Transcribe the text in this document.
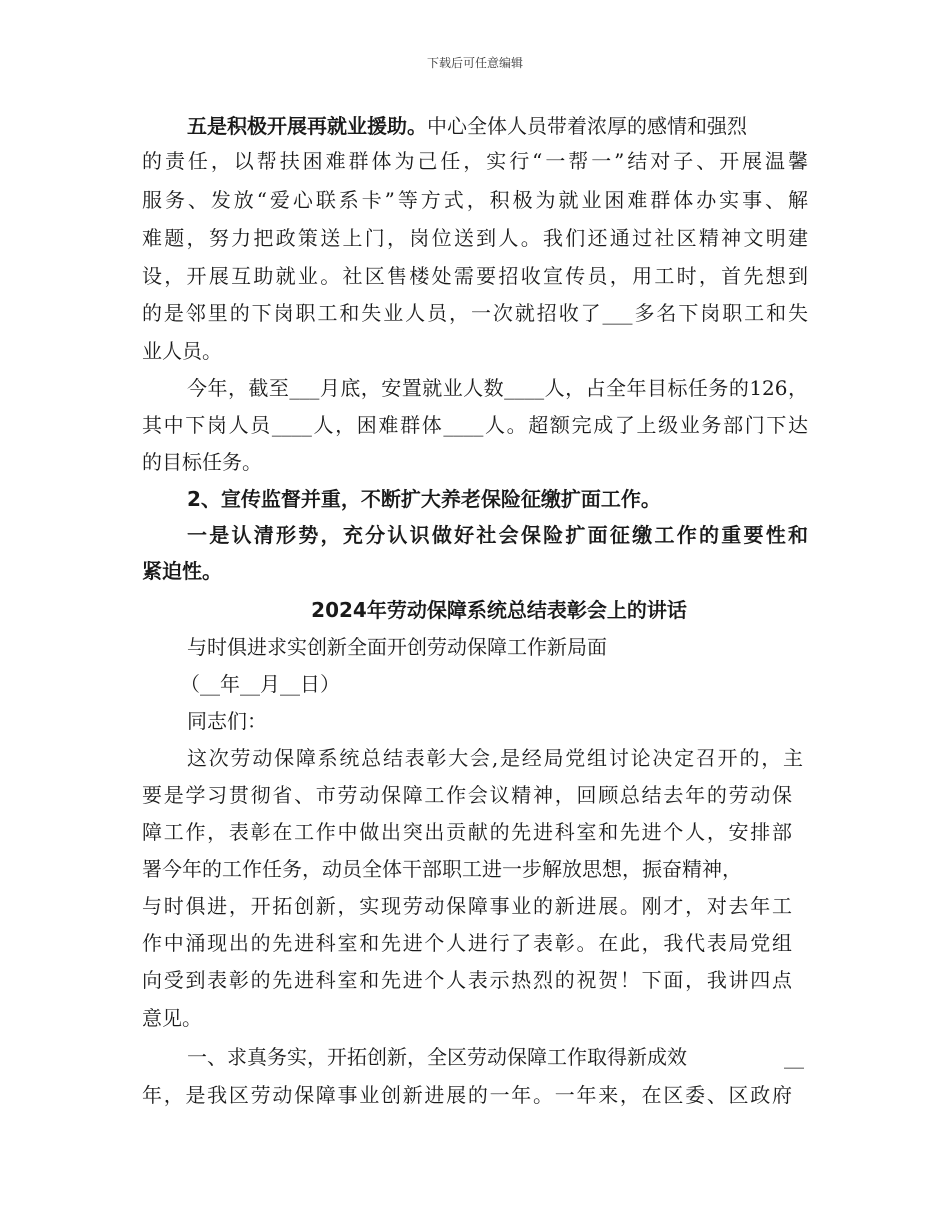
下载后可任意编辑
五是积极开展再就业援助。中心全体人员带着浓厚的感情和强烈
的责任，以帮扶困难群体为己任，实行“一帮一”结对子、开展温馨
服务、发放“爱心联系卡”等方式，积极为就业困难群体办实事、解
难题，努力把政策送上门，岗位送到人。我们还通过社区精神文明建
设，开展互助就业。社区售楼处需要招收宣传员，用工时，首先想到
的是邻里的下岗职工和失业人员，一次就招收了___多名下岗职工和失
业人员。
今年，截至___月底，安置就业人数____人，占全年目标任务的126，
其中下岗人员____人，困难群体____人。超额完成了上级业务部门下达
的目标任务。
2、宣传监督并重，不断扩大养老保险征缴扩面工作。
一是认清形势，充分认识做好社会保险扩面征缴工作的重要性和
紧迫性。
2024年劳动保障系统总结表彰会上的讲话
与时俱进求实创新全面开创劳动保障工作新局面
（__年__月__日）
同志们：
这次劳动保障系统总结表彰大会,是经局党组讨论决定召开的，主
要是学习贯彻省、市劳动保障工作会议精神，回顾总结去年的劳动保
障工作，表彰在工作中做出突出贡献的先进科室和先进个人，安排部
署今年的工作任务，动员全体干部职工进一步解放思想，振奋精神，
与时俱进，开拓创新，实现劳动保障事业的新进展。刚才，对去年工
作中涌现出的先进科室和先进个人进行了表彰。在此，我代表局党组
向受到表彰的先进科室和先进个人表示热烈的祝贺！下面，我讲四点
意见。
一、求真务实，开拓创新，全区劳动保障工作取得新成效	__
年，是我区劳动保障事业创新进展的一年。一年来，在区委、区政府
